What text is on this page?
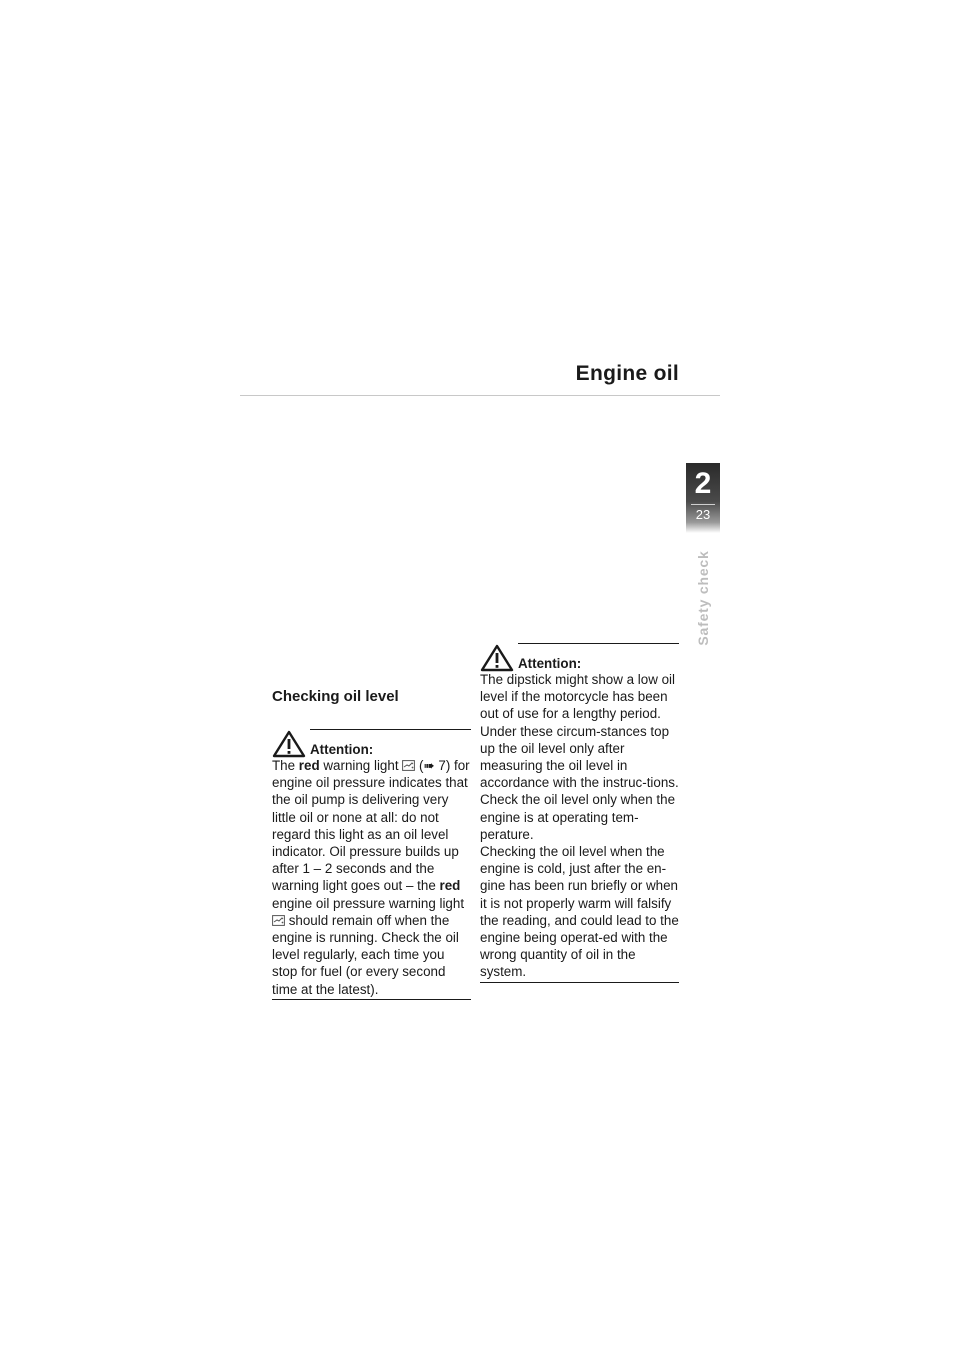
Engine oil
2
23
Safety check
Checking oil level
Attention:

The red warning light  (➠ 7) for engine oil pressure indicates that the oil pump is delivering very little oil or none at all: do not regard this light as an oil level indicator. Oil pressure builds up after 1 – 2 seconds and the warning light goes out – the red engine oil pressure warning light  should remain off when the engine is running. Check the oil level regularly, each time you stop for fuel (or every second time at the latest).

Attention:

The dipstick might show a low oil level if the motorcycle has been out of use for a lengthy period. Under these circum-stances top up the oil level only after measuring the oil level in accordance with the instruc-tions.

Check the oil level only when the engine is at operating tem-perature.

Checking the oil level when the engine is cold, just after the en-gine has been run briefly or when it is not properly warm will falsify the reading, and could lead to the engine being operat-ed with the wrong quantity of oil in the system.
